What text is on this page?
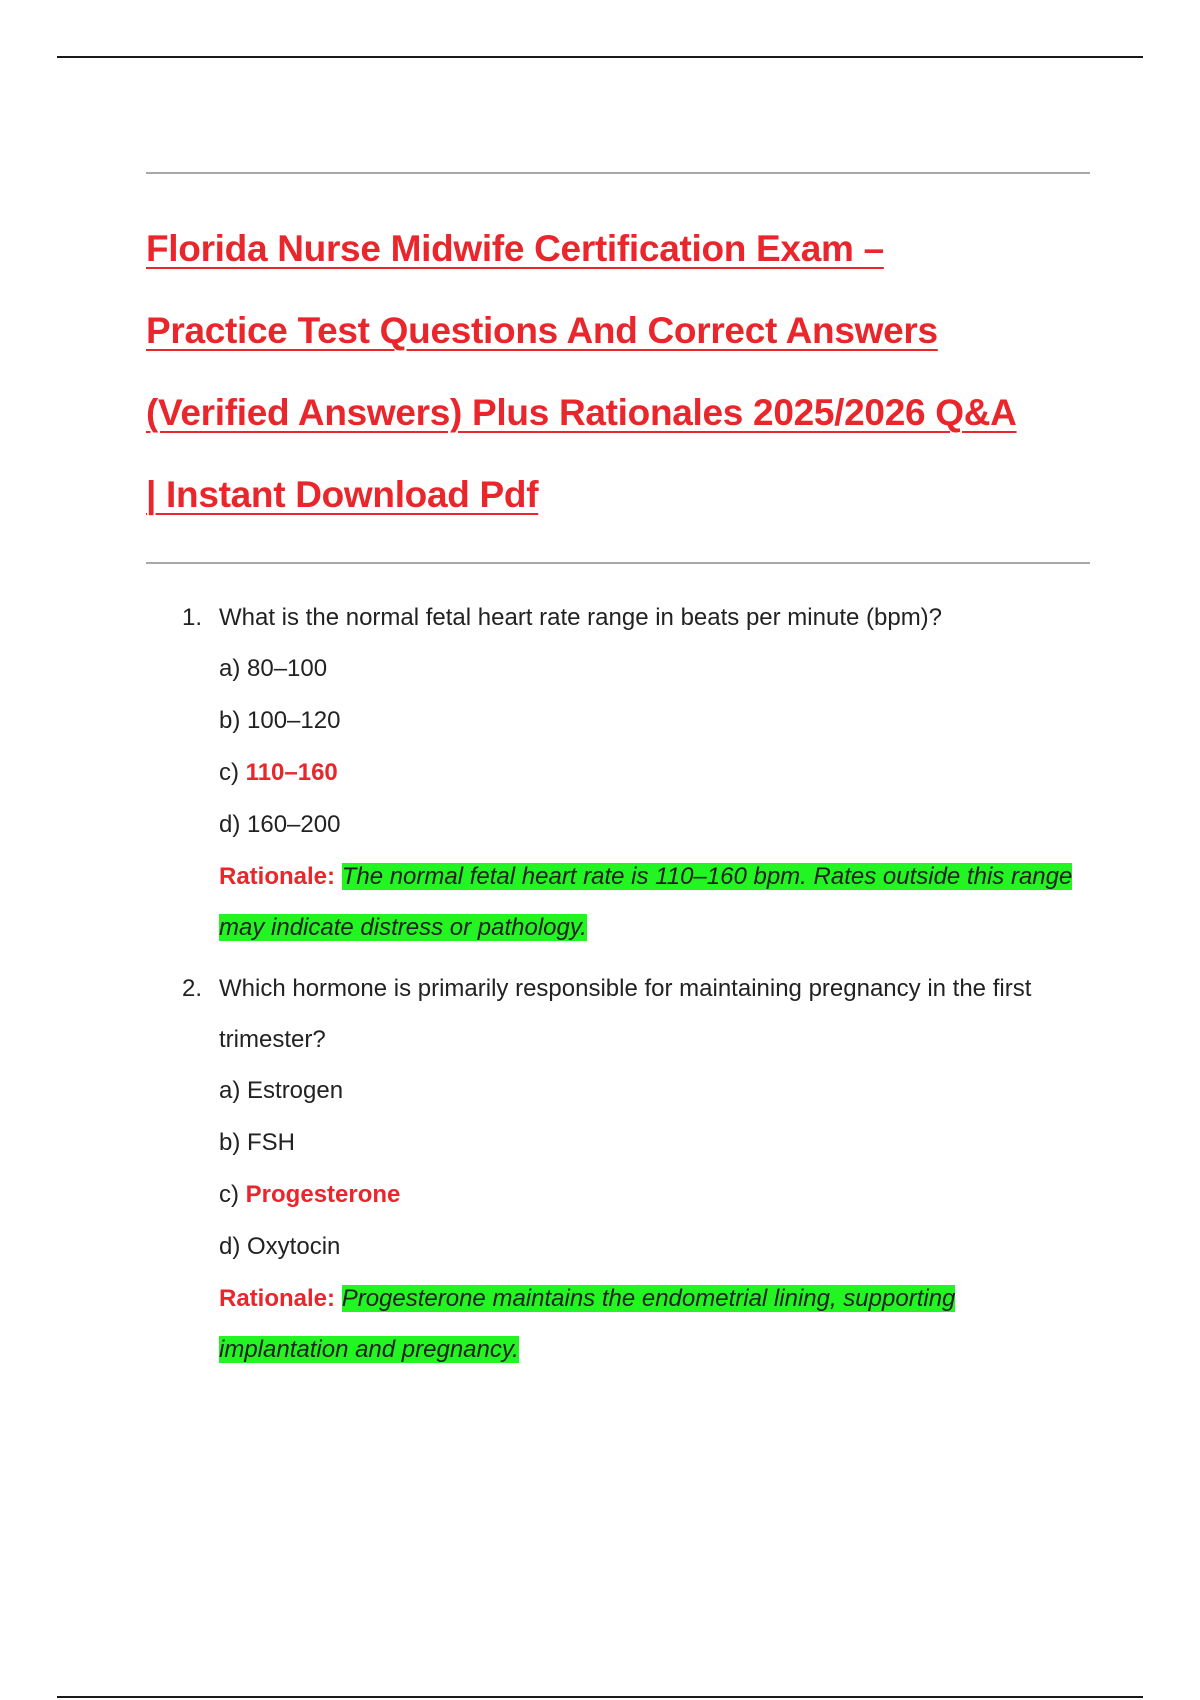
Florida Nurse Midwife Certification Exam –
Practice Test Questions And Correct Answers
(Verified Answers) Plus Rationales 2025/2026 Q&A
| Instant Download Pdf
1. What is the normal fetal heart rate range in beats per minute (bpm)?
a) 80–100
b) 100–120
c) 110–160
d) 160–200
Rationale: The normal fetal heart rate is 110–160 bpm. Rates outside this range may indicate distress or pathology.
2. Which hormone is primarily responsible for maintaining pregnancy in the first trimester?
a) Estrogen
b) FSH
c) Progesterone
d) Oxytocin
Rationale: Progesterone maintains the endometrial lining, supporting implantation and pregnancy.
